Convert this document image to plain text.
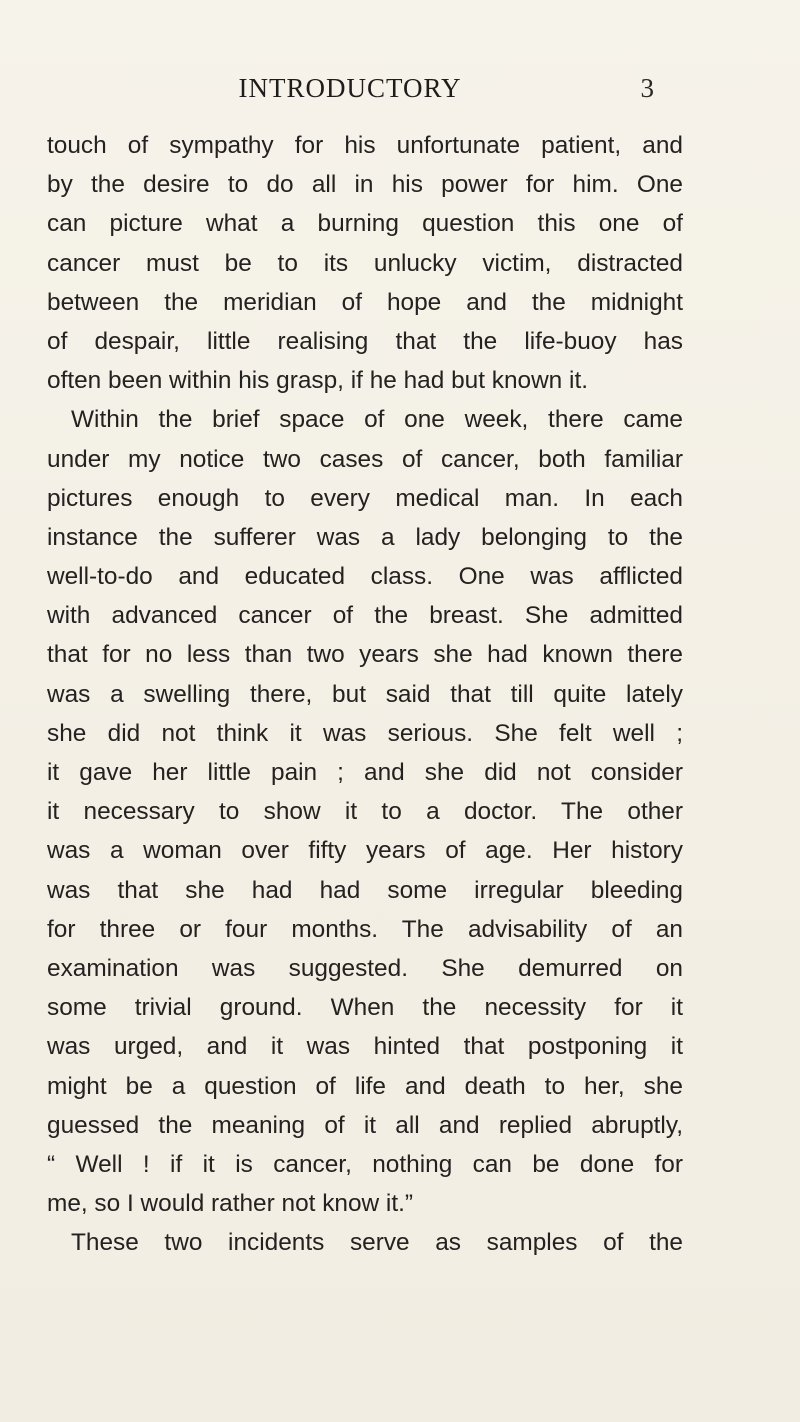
INTRODUCTORY	3
touch of sympathy for his unfortunate patient, and
by the desire to do all in his power for him. One
can picture what a burning question this one of
cancer must be to its unlucky victim, distracted
between the meridian of hope and the midnight
of despair, little realising that the life-buoy has
often been within his grasp, if he had but known it.
Within the brief space of one week, there came
under my notice two cases of cancer, both familiar
pictures enough to every medical man. In each
instance the sufferer was a lady belonging to the
well-to-do and educated class. One was afflicted
with advanced cancer of the breast. She admitted
that for no less than two years she had known there
was a swelling there, but said that till quite lately
she did not think it was serious. She felt well ;
it gave her little pain ; and she did not consider
it necessary to show it to a doctor. The other
was a woman over fifty years of age. Her history
was that she had had some irregular bleeding
for three or four months. The advisability of an
examination was suggested. She demurred on
some trivial ground. When the necessity for it
was urged, and it was hinted that postponing it
might be a question of life and death to her, she
guessed the meaning of it all and replied abruptly,
“ Well ! if it is cancer, nothing can be done for
me, so I would rather not know it.”
These two incidents serve as samples of the
